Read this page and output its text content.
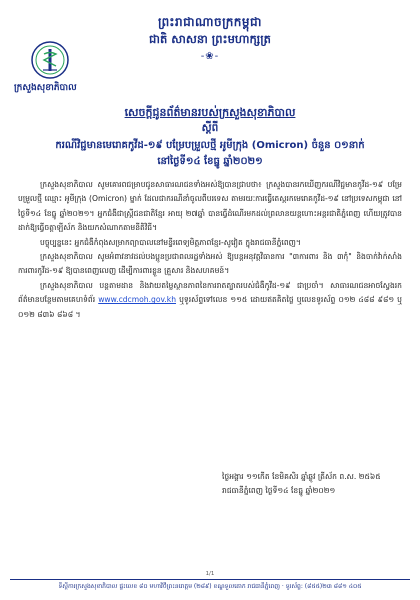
ព្រះរាជាណាចក្រកម្ពុជា
ជាតិ សាសនា ព្រះមហាក្សត្រ
-❀-
ក្រសួងសុខាភិបាល
សេចក្តីជូនព័ត៌មានរបស់ក្រសួងសុខាភិបាល
ស្តីពី
ករណីវិជ្ជមានមេរោគកូវីដ-១៩ បម្រែបម្រួលថ្មី អូមីក្រុង (Omicron) ចំនួន ០១នាក់
នៅថ្ងៃទី១៤ ខែធ្នូ ឆ្នាំ២០២១

ក្រសួងសុខាភិបាល សូមគោរពជម្រាបជូនសាធារណជនទាំងអស់ឱ្យបានជ្រាបថា៖ ក្រសួងបានរកឃើញករណីវិជ្ជមានកូវីដ-១៩ បម្រែបម្រួលថ្មី ឈ្មោះ អូមីក្រុង (Omicron) ម្នាក់ ដែលជាករណីនាំចូលពីបរទេស តាមរយៈការធ្វើតេស្តរកមេរោគកូវីដ-១៩ នៅប្រទេសកម្ពុជា នៅថ្ងៃទី១៤ ខែធ្នូ ឆ្នាំ២០២១។ អ្នកជំងឺជាស្ត្រីជនជាតិខ្មែរ អាយុ ២៧ឆ្នាំ បានធ្វើដំណើរមកដល់ព្រលានយន្តហោះអន្តរជាតិភ្នំពេញ ហើយត្រូវបានដាក់ឱ្យធ្វើចត្តាឡីស័ក និងយកសំណាកតាមនីតិវិធី។

បច្ចុប្បន្ននេះ អ្នកជំងឺកំពុងសម្រាកព្យាបាលនៅមន្ទីរពេទ្យមិត្តភាពខ្មែរ-សូវៀត ក្នុងរាជធានីភ្នំពេញ។

ក្រសួងសុខាភិបាល សូមអំពាវនាវដល់បងប្អូនប្រជាពលរដ្ឋទាំងអស់ ឱ្យបន្តអនុវត្តវិធានការ "៣ការពារ និង ៣កុំ" និងចាក់វ៉ាក់សាំងការពារកូវីដ-១៩ ឱ្យបានពេញលេញ ដើម្បីការពារខ្លួន គ្រួសារ និងសហគមន៍។

ក្រសួងសុខាភិបាល បន្តតាមដាន និងវាយតម្លៃស្ថានភាពនៃការរាតត្បាតរបស់ជំងឺកូវីដ-១៩ ជាប្រចាំ។ សាធារណជនអាចស្វែងរកព័ត៌មានបន្ថែមតាមគេហទំព័រ www.cdcmoh.gov.kh ឬទូរស័ព្ទទៅលេខ ១១៥ ដោយឥតគិតថ្លៃ ឬលេខទូរស័ព្ទ ០១២ ៤៨៨ ៩៨១ ឬ ០១២ ៨៣៦ ៨៦៨ ។

ថ្ងៃអង្គារ ១១កើត ខែមិគសិរ ឆ្នាំឆ្លូវ ត្រីស័ក ព.ស. ២៥៦៥
រាជធានីភ្នំពេញ ថ្ងៃទី១៤ ខែធ្នូ ឆ្នាំ២០២១
1/1
ទីស្តីការក្រសួងសុខាភិបាល ផ្ទះលេខ ៨០ មហាវិថីព្រះនរោត្តម (២៨៩) ខណ្ឌទួលគោក រាជធានីភ្នំពេញ · ទូរស័ព្ទ: (៨៥៥)២៣ ៨៨១ ៤០៥
